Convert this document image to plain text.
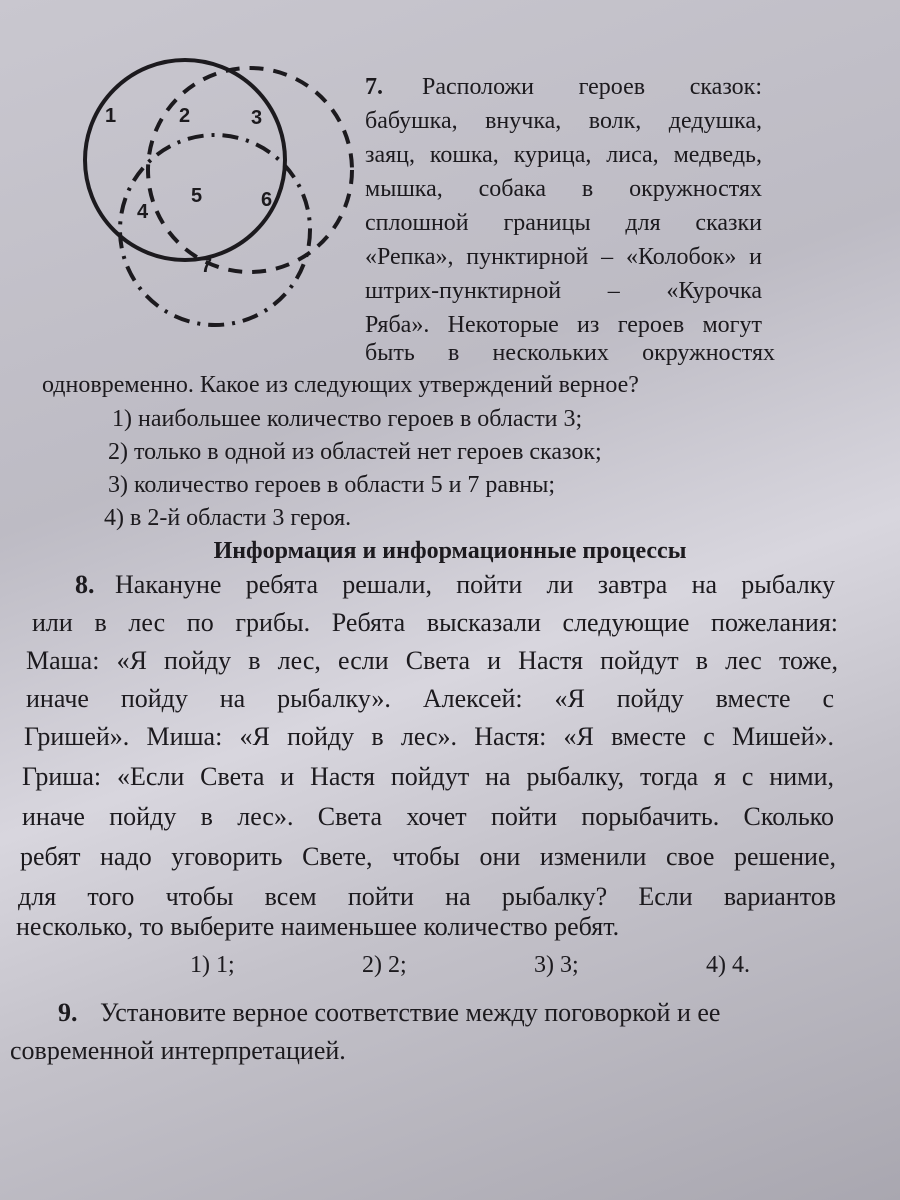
1	2	3
4
5	6
7
7. Расположи героев сказок:
бабушка, внучка, волк, дедушка,
заяц, кошка, курица, лиса, медведь,
мышка, собака в окружностях
сплошной границы для сказки
«Репка», пунктирной – «Колобок» и
штрих-пунктирной – «Курочка
Ряба». Некоторые из героев могут
быть в нескольких окружностях
одновременно. Какое из следующих утверждений верное?
1) наибольшее количество героев в области 3;
2) только в одной из областей нет героев сказок;
3) количество героев в области 5 и 7 равны;
4) в 2-й области 3 героя.
Информация и информационные процессы
8. Накануне ребята решали, пойти ли завтра на рыбалку
или в лес по грибы. Ребята высказали следующие пожелания:
Маша: «Я пойду в лес, если Света и Настя пойдут в лес тоже,
иначе пойду на рыбалку». Алексей: «Я пойду вместе с
Гришей». Миша: «Я пойду в лес». Настя: «Я вместе с Мишей».
Гриша: «Если Света и Настя пойдут на рыбалку, тогда я с ними,
иначе пойду в лес». Света хочет пойти порыбачить. Сколько
ребят надо уговорить Свете, чтобы они изменили свое решение,
для того чтобы всем пойти на рыбалку? Если вариантов
несколько, то выберите наименьшее количество ребят.
1) 1;	2) 2;	3) 3;	4) 4.
9. Установите верное соответствие между поговоркой и ее
современной интерпретацией.
